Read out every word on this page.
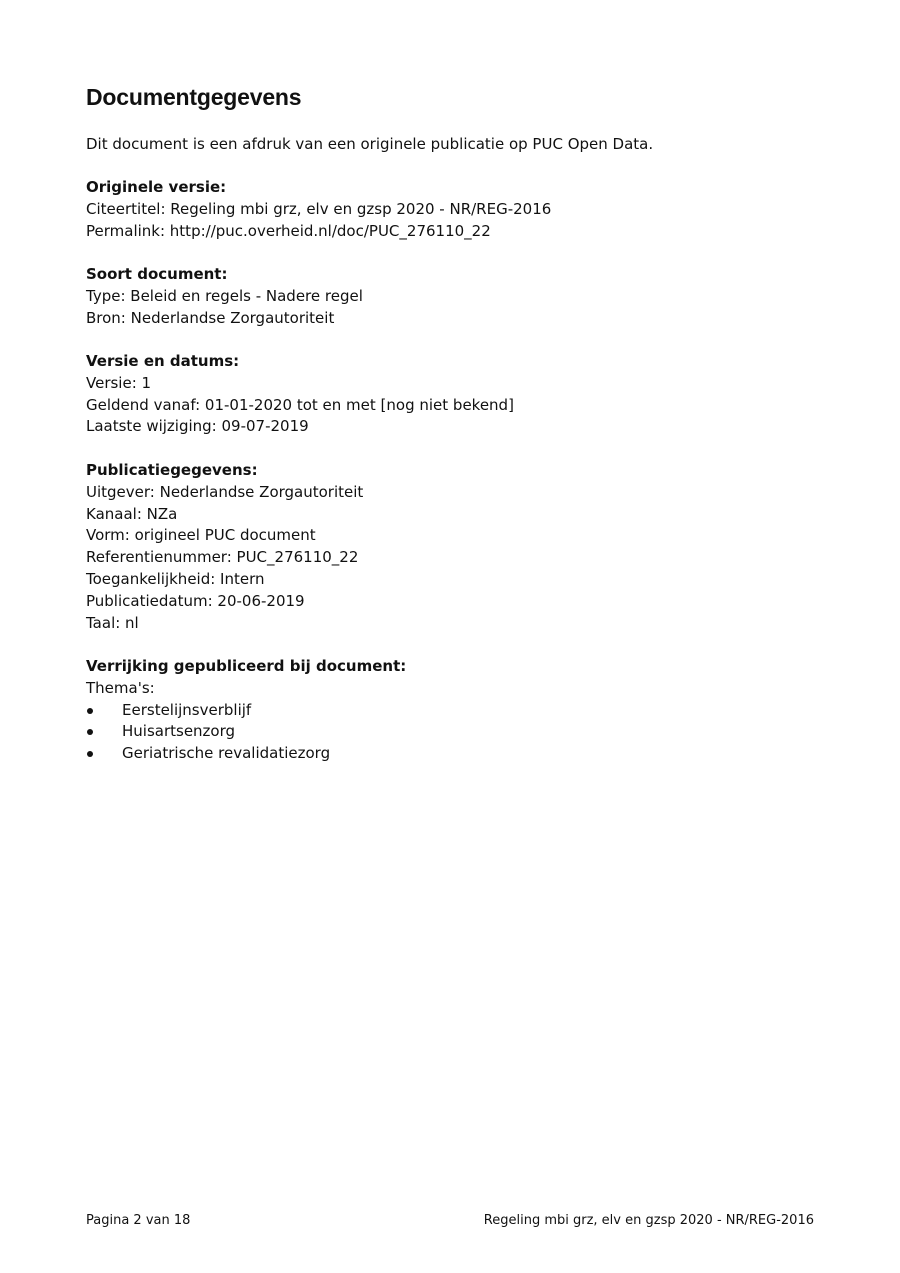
Documentgegevens

Dit document is een afdruk van een originele publicatie op PUC Open Data.

Originele versie:
Citeertitel: Regeling mbi grz, elv en gzsp 2020 - NR/REG-2016
Permalink: http://puc.overheid.nl/doc/PUC_276110_22
Soort document:
Type: Beleid en regels - Nadere regel
Bron: Nederlandse Zorgautoriteit
Versie en datums:
Versie: 1
Geldend vanaf: 01-01-2020 tot en met [nog niet bekend]
Laatste wijziging: 09-07-2019
Publicatiegegevens:
Uitgever: Nederlandse Zorgautoriteit
Kanaal: NZa
Vorm: origineel PUC document
Referentienummer: PUC_276110_22
Toegankelijkheid: Intern
Publicatiedatum: 20-06-2019
Taal: nl
Verrijking gepubliceerd bij document:
Thema's:
Eerstelijnsverblijf
Huisartsenzorg
Geriatrische revalidatiezorg

Pagina 2 van 18	Regeling mbi grz, elv en gzsp 2020 - NR/REG-2016
